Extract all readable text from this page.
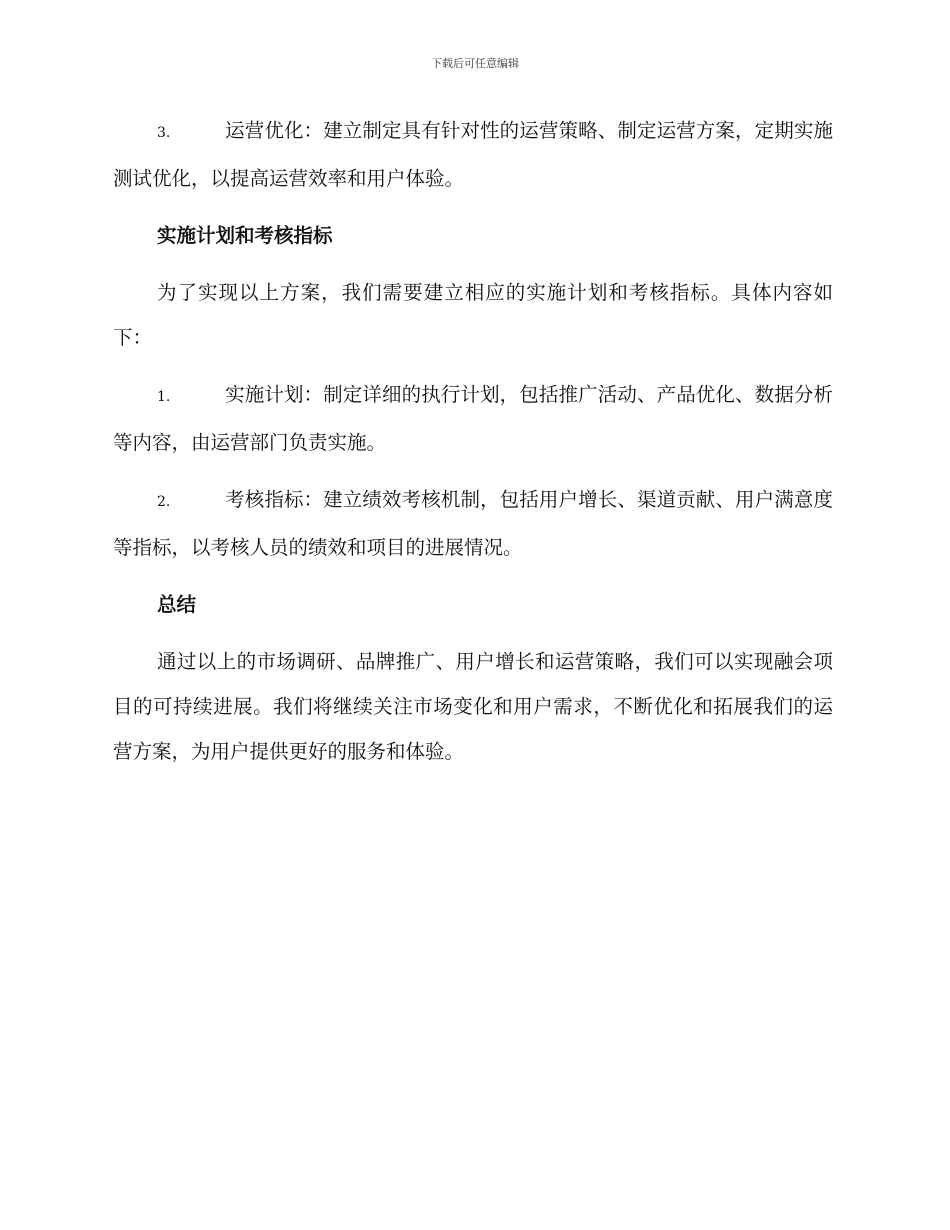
下载后可任意编辑

3.	运营优化：建立制定具有针对性的运营策略、制定运营方案，定期实施测试优化，以提高运营效率和用户体验。

实施计划和考核指标

为了实现以上方案，我们需要建立相应的实施计划和考核指标。具体内容如下：

1.	实施计划：制定详细的执行计划，包括推广活动、产品优化、数据分析等内容，由运营部门负责实施。

2.	考核指标：建立绩效考核机制，包括用户增长、渠道贡献、用户满意度等指标，以考核人员的绩效和项目的进展情况。

总结

通过以上的市场调研、品牌推广、用户增长和运营策略，我们可以实现融会项目的可持续进展。我们将继续关注市场变化和用户需求，不断优化和拓展我们的运营方案，为用户提供更好的服务和体验。
